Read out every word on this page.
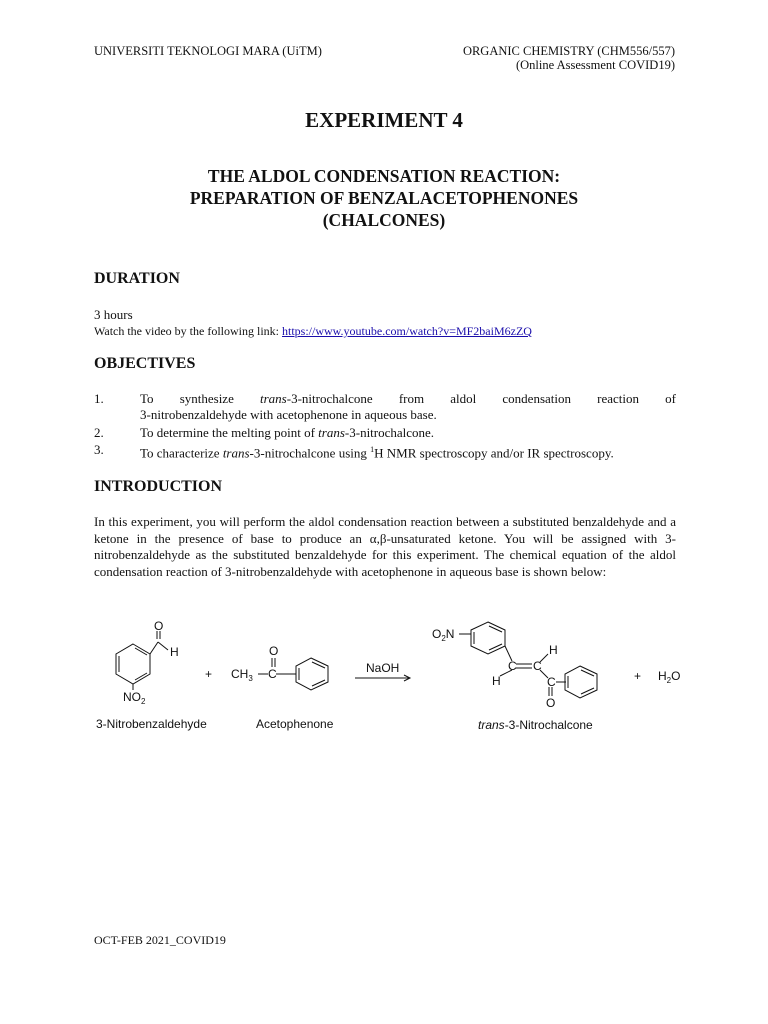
UNIVERSITI TEKNOLOGI MARA (UiTM)	ORGANIC CHEMISTRY (CHM556/557)
(Online Assessment COVID19)
EXPERIMENT 4
THE ALDOL CONDENSATION REACTION:
PREPARATION OF BENZALACETOPHENONES
(CHALCONES)
DURATION
3 hours
Watch the video by the following link: https://www.youtube.com/watch?v=MF2baiM6zZQ
OBJECTIVES
1.	To synthesize trans-3-nitrochalcone from aldol condensation reaction of
3-nitrobenzaldehyde with acetophenone in aqueous base.
2.	To determine the melting point of trans-3-nitrochalcone.
3.	To characterize trans-3-nitrochalcone using $^1$H NMR spectroscopy and/or IR spectroscopy.
INTRODUCTION
In this experiment, you will perform the aldol condensation reaction between a substituted benzaldehyde and a ketone in the presence of base to produce an α,β-unsaturated ketone. You will be assigned with 3-nitrobenzaldehyde as the substituted benzaldehyde for this experiment. The chemical equation of the aldol condensation reaction of 3-nitrobenzaldehyde with acetophenone in aqueous base is shown below:
O
H
$NO_2$
+ $CH_3$ C
O
NaOH
$O_2N$
C C
H
H
C
O
+ $H_2O$
3-Nitrobenzaldehyde	Acetophenone	trans-3-Nitrochalcone
OCT-FEB 2021_COVID19
